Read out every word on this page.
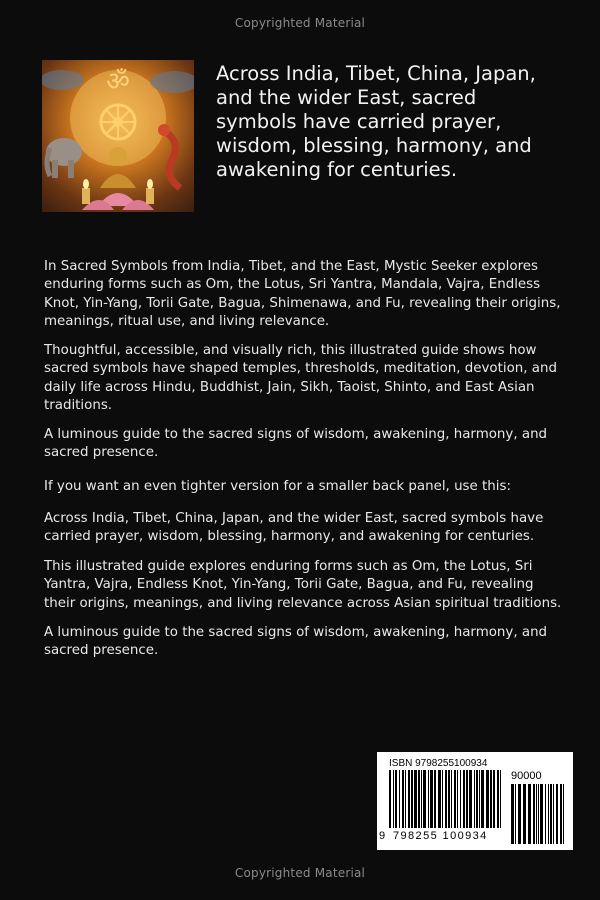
Copyrighted Material
ॐ	Across India, Tibet, China, Japan, and the wider East, sacred symbols have carried prayer, wisdom, blessing, harmony, and awakening for centuries.

In Sacred Symbols from India, Tibet, and the East, Mystic Seeker explores enduring forms such as Om, the Lotus, Sri Yantra, Mandala, Vajra, Endless Knot, Yin-Yang, Torii Gate, Bagua, Shimenawa, and Fu, revealing their origins, meanings, ritual use, and living relevance.

Thoughtful, accessible, and visually rich, this illustrated guide shows how sacred symbols have shaped temples, thresholds, meditation, devotion, and daily life across Hindu, Buddhist, Jain, Sikh, Taoist, Shinto, and East Asian traditions.

A luminous guide to the sacred signs of wisdom, awakening, harmony, and sacred presence.

If you want an even tighter version for a smaller back panel, use this:

Across India, Tibet, China, Japan, and the wider East, sacred symbols have carried prayer, wisdom, blessing, harmony, and awakening for centuries.

This illustrated guide explores enduring forms such as Om, the Lotus, Sri Yantra, Vajra, Endless Knot, Yin-Yang, Torii Gate, Bagua, and Fu, revealing their origins, meanings, and living relevance across Asian spiritual traditions.

A luminous guide to the sacred signs of wisdom, awakening, harmony, and sacred presence.

ISBN 9798255100934
90000
9 798255 100934
Copyrighted Material
